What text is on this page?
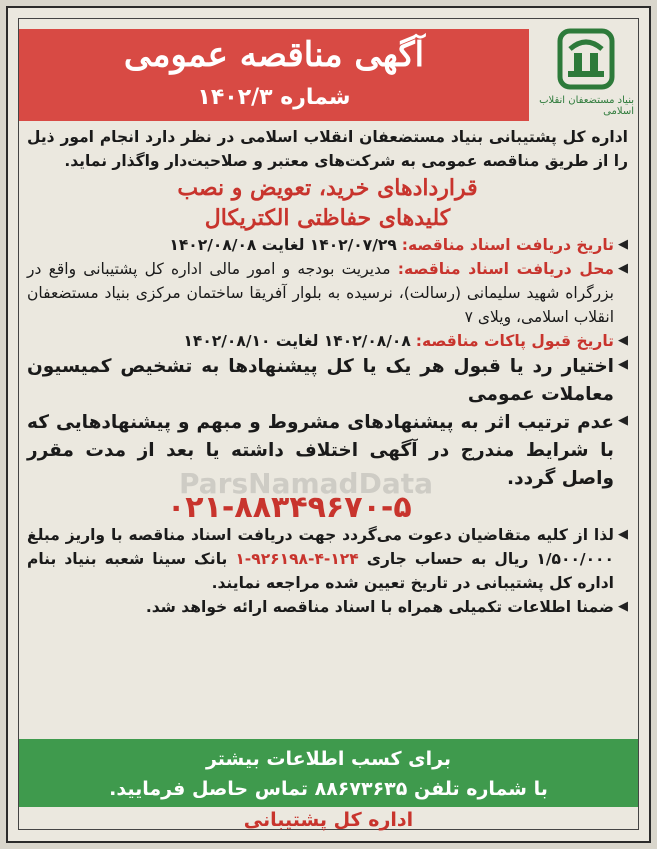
آگهی مناقصه عمومی
شماره ۱۴۰۲/۳	بنیاد مستضعفان انقلاب اسلامی

اداره کل پشتیبانی بنیاد مستضعفان انقلاب اسلامی در نظر دارد انجام امور ذیل را از طریق مناقصه عمومی به شرکت‌های معتبر و صلاحیت‌دار واگذار نماید.

قراردادهای خرید، تعویض و نصب
کلیدهای حفاظتی الکتریکال
◀
تاریخ دریافت اسناد مناقصه: ۱۴۰۲/۰۷/۲۹ لغایت ۱۴۰۲/۰۸/۰۸
◀
محل دریافت اسناد مناقصه: مدیریت بودجه و امور مالی اداره کل پشتیبانی واقع در بزرگراه شهید سلیمانی (رسالت)، نرسیده به بلوار آفریقا ساختمان مرکزی بنیاد مستضعفان انقلاب اسلامی، ویلای ۷
◀
تاریخ قبول پاکات مناقصه: ۱۴۰۲/۰۸/۰۸ لغایت ۱۴۰۲/۰۸/۱۰
◀
اختیار رد یا قبول هر یک یا کل پیشنهادها به تشخیص کمیسیون معاملات عمومی
◀
عدم ترتیب اثر به پیشنهادهای مشروط و مبهم و پیشنهادهایی که با شرایط مندرج در آگهی اختلاف داشته یا بعد از مدت مقرر واصل گردد.
۰۲۱-۸۸۳۴۹۶۷۰-۵
◀
لذا از کلیه متقاضیان دعوت می‌گردد جهت دریافت اسناد مناقصه با واریز مبلغ ۱/۵۰۰/۰۰۰ ریال به حساب جاری ۱۲۴-۴-۹۲۶۱۹۸-۱ بانک سینا شعبه بنیاد بنام اداره کل پشتیبانی در تاریخ تعیین شده مراجعه نمایند.
◀
ضمنا اطلاعات تکمیلی همراه با اسناد مناقصه ارائه خواهد شد.
ParsNamadData
برای کسب اطلاعات بیشتر
با شماره تلفن ۸۸۶۷۳۶۳۵ تماس حاصل فرمایید.
اداره کل پشتیبانی
